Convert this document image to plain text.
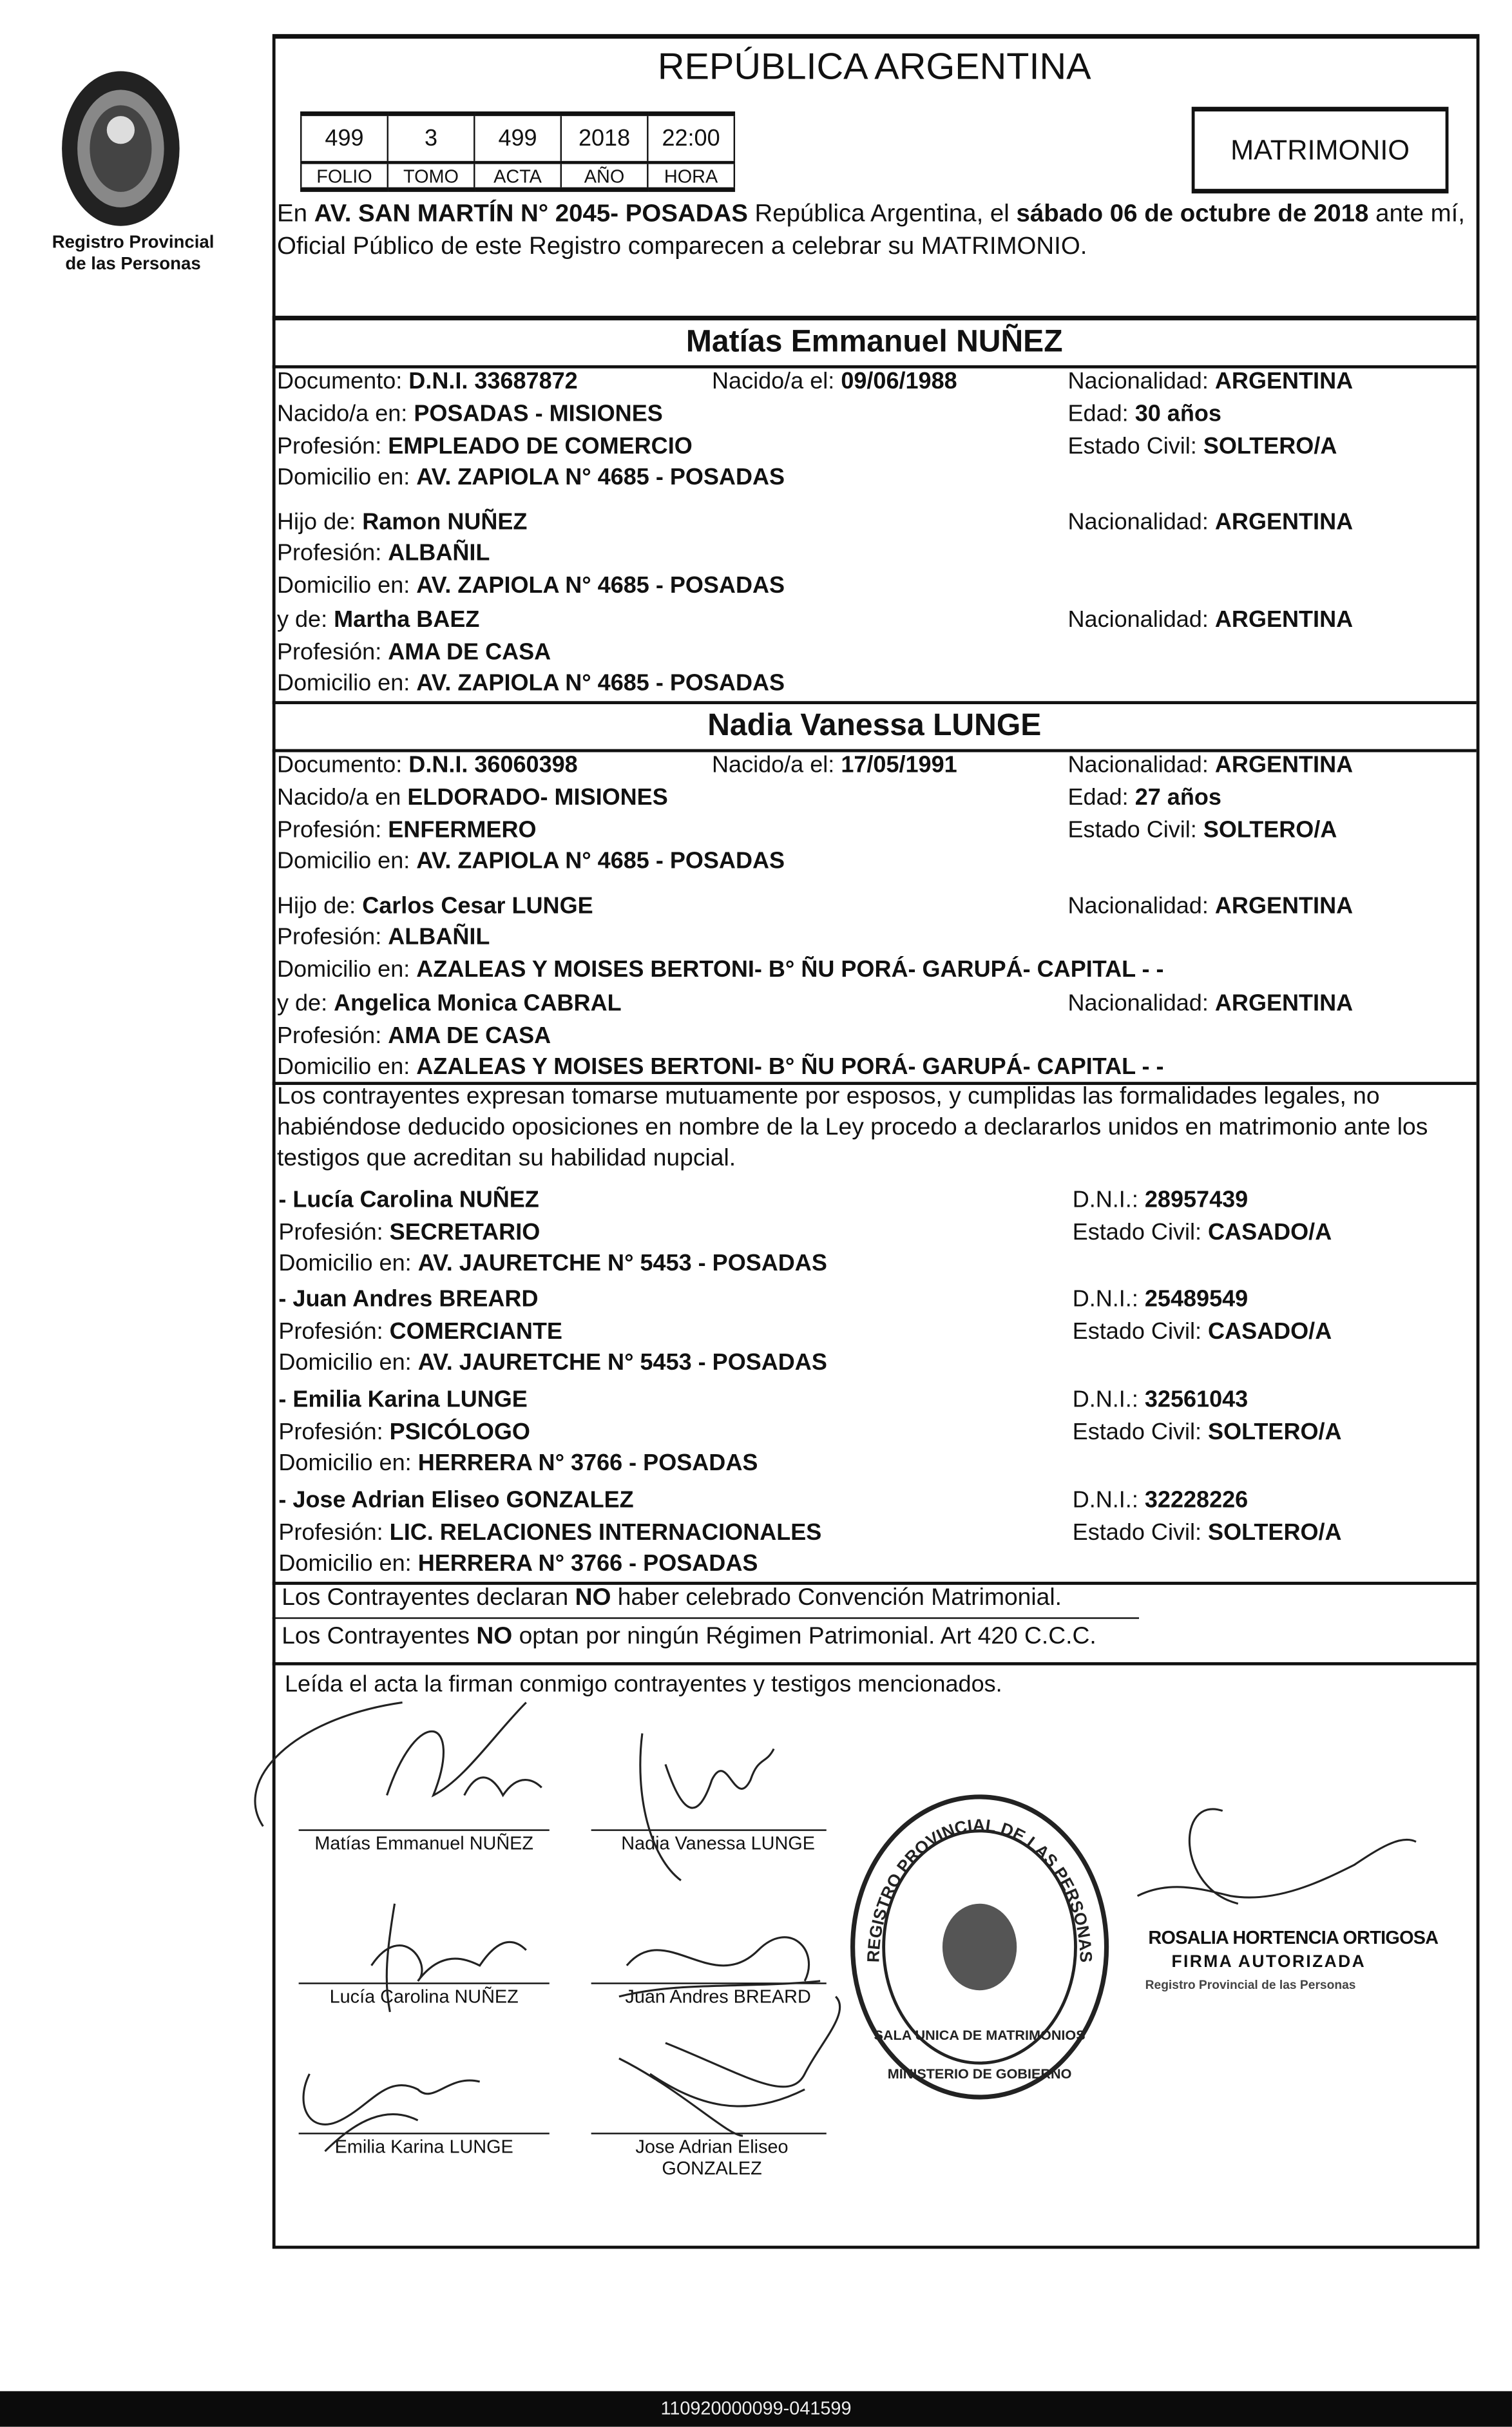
Registro Provincial
de las Personas
REPÚBLICA ARGENTINA
499	3	499	2018	22:00
FOLIO	TOMO	ACTA	AÑO	HORA
MATRIMONIO
En AV. SAN MARTÍN N° 2045- POSADAS República Argentina, el sábado 06 de octubre de 2018 ante mí, Oficial Público de este Registro comparecen a celebrar su MATRIMONIO.
Matías Emmanuel NUÑEZ
Documento: D.N.I. 33687872	Nacido/a el: 09/06/1988	Nacionalidad: ARGENTINA
Nacido/a en: POSADAS - MISIONES	Edad: 30 años
Profesión: EMPLEADO DE COMERCIO	Estado Civil: SOLTERO/A
Domicilio en: AV. ZAPIOLA N° 4685 - POSADAS
Hijo de: Ramon NUÑEZ	Nacionalidad: ARGENTINA
Profesión: ALBAÑIL
Domicilio en: AV. ZAPIOLA N° 4685 - POSADAS
y de: Martha BAEZ	Nacionalidad: ARGENTINA
Profesión: AMA DE CASA
Domicilio en: AV. ZAPIOLA N° 4685 - POSADAS
Nadia Vanessa LUNGE
Documento: D.N.I. 36060398	Nacido/a el: 17/05/1991	Nacionalidad: ARGENTINA
Nacido/a en ELDORADO- MISIONES	Edad: 27 años
Profesión: ENFERMERO	Estado Civil: SOLTERO/A
Domicilio en: AV. ZAPIOLA N° 4685 - POSADAS
Hijo de: Carlos Cesar LUNGE	Nacionalidad: ARGENTINA
Profesión: ALBAÑIL
Domicilio en: AZALEAS Y MOISES BERTONI- B° ÑU PORÁ- GARUPÁ- CAPITAL - -
y de: Angelica Monica CABRAL	Nacionalidad: ARGENTINA
Profesión: AMA DE CASA
Domicilio en: AZALEAS Y MOISES BERTONI- B° ÑU PORÁ- GARUPÁ- CAPITAL - -
Los contrayentes expresan tomarse mutuamente por esposos, y cumplidas las formalidades legales, no habiéndose deducido oposiciones en nombre de la Ley procedo a declararlos unidos en matrimonio ante los testigos que acreditan su habilidad nupcial.
- Lucía Carolina NUÑEZ	D.N.I.: 28957439
Profesión: SECRETARIO	Estado Civil: CASADO/A
Domicilio en: AV. JAURETCHE N° 5453 - POSADAS
- Juan Andres BREARD	D.N.I.: 25489549
Profesión: COMERCIANTE	Estado Civil: CASADO/A
Domicilio en: AV. JAURETCHE N° 5453 - POSADAS
- Emilia Karina LUNGE	D.N.I.: 32561043
Profesión: PSICÓLOGO	Estado Civil: SOLTERO/A
Domicilio en: HERRERA N° 3766 - POSADAS
- Jose Adrian Eliseo GONZALEZ	D.N.I.: 32228226
Profesión: LIC. RELACIONES INTERNACIONALES	Estado Civil: SOLTERO/A
Domicilio en: HERRERA N° 3766 - POSADAS
Los Contrayentes declaran NO haber celebrado Convención Matrimonial.
Los Contrayentes NO optan por ningún Régimen Patrimonial. Art 420 C.C.C.
Leída el acta la firman conmigo contrayentes y testigos mencionados.
Matías Emmanuel NUÑEZ	Nadia Vanessa LUNGE
Lucía Carolina NUÑEZ	Juan Andres BREARD
Emilia Karina LUNGE	Jose Adrian Eliseo GONZALEZ
REGISTRO PROVINCIAL DE LAS PERSONAS
MINISTERIO DE GOBIERNO
SALA UNICA DE MATRIMONIOS
ROSALIA HORTENCIA ORTIGOSA
FIRMA AUTORIZADA
Registro Provincial de las Personas
110920000099-041599
